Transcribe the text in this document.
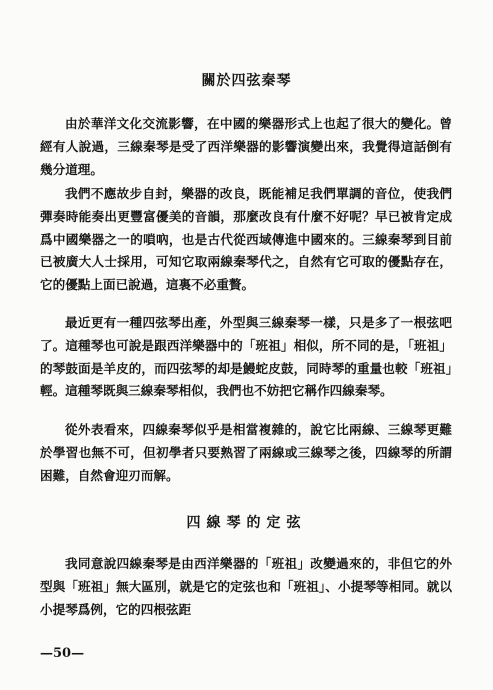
關於四弦秦琴

由於華洋文化交流影響，在中國的樂器形式上也起了很大的變化。曾經有人說過，三線秦琴是受了西洋樂器的影響演變出來，我覺得這話倒有幾分道理。

我們不應故步自封，樂器的改良，既能補足我們單調的音位，使我們彈奏時能奏出更豐富優美的音韻，那麼改良有什麼不好呢？早已被肯定成爲中國樂器之一的嗩吶，也是古代從西域傳進中國來的。三線秦琴到目前已被廣大人士採用，可知它取兩線秦琴代之，自然有它可取的優點存在，它的優點上面已說過，這裏不必重贅。

最近更有一種四弦琴出產，外型與三線秦琴一樣，只是多了一根弦吧了。這種琴也可說是跟西洋樂器中的「班祖」相似，所不同的是，「班祖」的琴鼓面是羊皮的，而四弦琴的却是鰻蛇皮鼓，同時琴的重量也較「班祖」輕。這種琴既與三線秦琴相似，我們也不妨把它稱作四線秦琴。

從外表看來，四線秦琴似乎是相當複雜的，說它比兩線、三線琴更難於學習也無不可，但初學者只要熟習了兩線或三線琴之後，四線琴的所謂困難，自然會迎刃而解。

四線琴的定弦

我同意說四線秦琴是由西洋樂器的「班祖」改變過來的，非但它的外型與「班祖」無大區別，就是它的定弦也和「班祖」、小提琴等相同。就以小提琴爲例，它的四根弦距

—50—
